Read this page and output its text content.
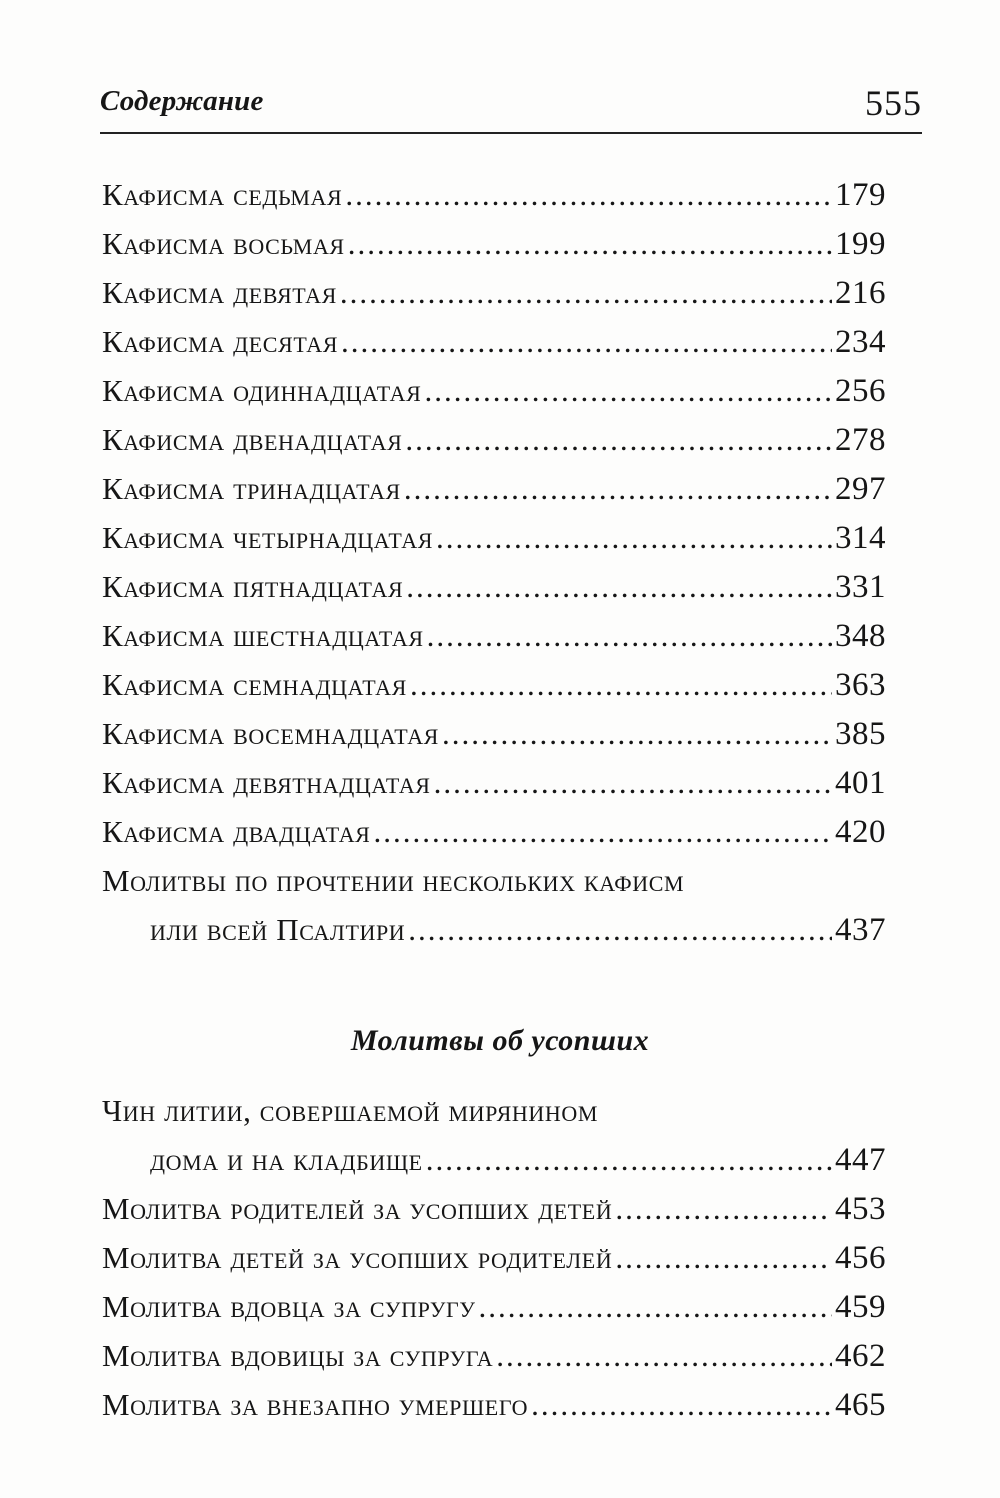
Содержание	555
Кафисма седьмая .....	179
Кафисма восьмая .....	199
Кафисма девятая .....	216
Кафисма десятая .....	234
Кафисма одиннадцатая .....	256
Кафисма двенадцатая .....	278
Кафисма тринадцатая .....	297
Кафисма четырнадцатая .....	314
Кафисма пятнадцатая .....	331
Кафисма шестнадцатая .....	348
Кафисма семнадцатая .....	363
Кафисма восемнадцатая .....	385
Кафисма девятнадцатая .....	401
Кафисма двадцатая .....	420
Молитвы по прочтении нескольких кафисм
или всей Псалтири .....	437
Молитвы об усопших
Чин литии, совершаемой мирянином
дома и на кладбище .....	447
Молитва родителей за усопших детей .....	453
Молитва детей за усопших родителей .....	456
Молитва вдовца за супругу .....	459
Молитва вдовицы за супруга .....	462
Молитва за внезапно умершего .....	465
